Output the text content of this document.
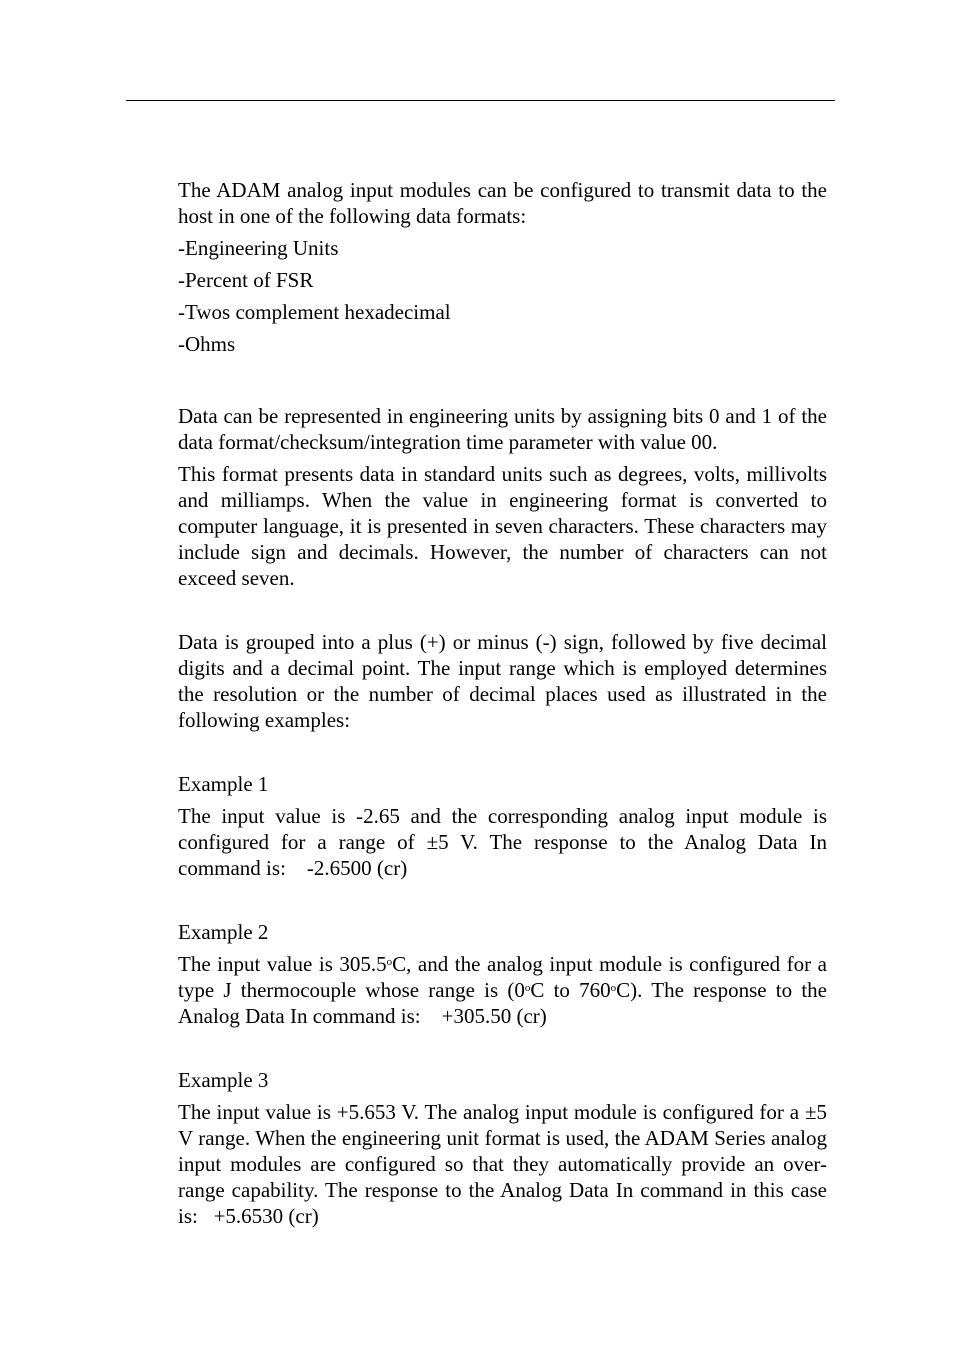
The ADAM analog input modules can be configured to transmit data to the host in one of the following data formats:

-Engineering Units

-Percent of FSR

-Twos complement hexadecimal

-Ohms

Data can be represented in engineering units by assigning bits 0 and 1 of the data format/checksum/integration time parameter with value 00.

This format presents data in standard units such as degrees, volts, millivolts and milliamps. When the value in engineering format is converted to computer language, it is presented in seven characters. These characters may include sign and decimals. However, the number of characters can not exceed seven.

Data is grouped into a plus (+) or minus (-) sign, followed by five decimal digits and a decimal point. The input range which is employed determines the resolution or the number of decimal places used as illustrated in the following examples:

Example 1

The input value is -2.65 and the corresponding analog input module is configured for a range of ±5 V. The response to the Analog Data In command is: -2.6500 (cr)

Example 2

The input value is 305.5$^o$C, and the analog input module is configured for a type J thermocouple whose range is (0$^o$C to 760$^o$C). The response to the Analog Data In command is: +305.50 (cr)

Example 3

The input value is +5.653 V. The analog input module is configured for a ±5 V range. When the engineering unit format is used, the ADAM Series analog input modules are configured so that they automatically provide an over-range capability. The response to the Analog Data In command in this case is: +5.6530 (cr)
